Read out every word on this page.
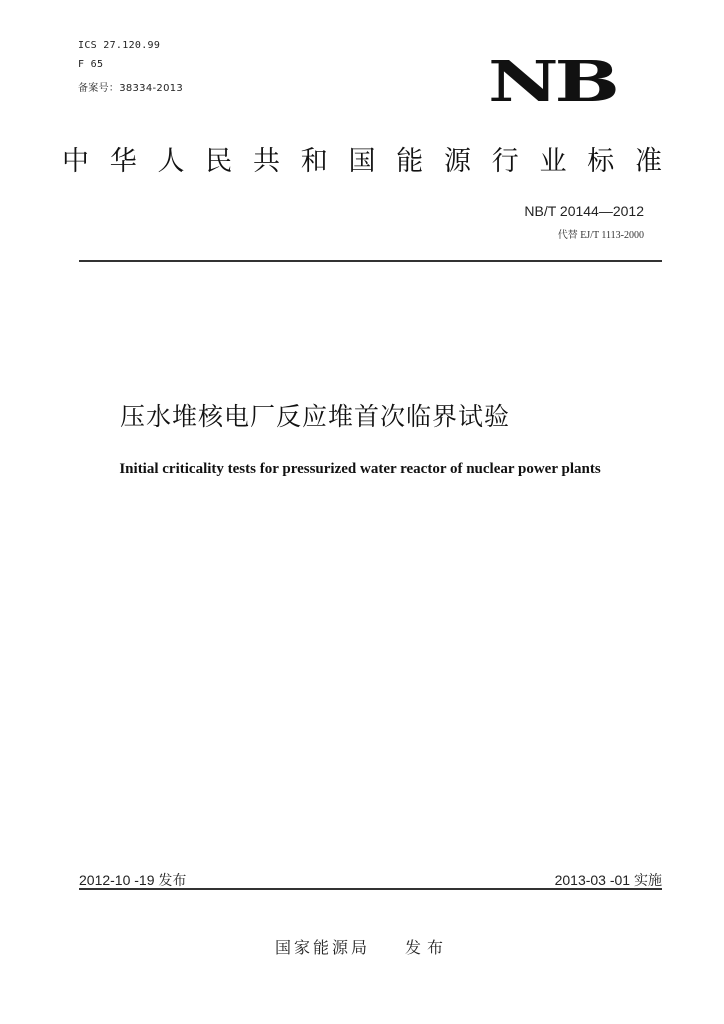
ICS 27.120.99
F 65
备案号：38334-2013	NB
中 华 人 民 共 和 国 能 源 行 业 标 准
NB/T 20144—2012
代替 EJ/T 1113-2000
压水堆核电厂反应堆首次临界试验
Initial criticality tests for pressurized water reactor of nuclear power plants
2012-10 -19 发布	2013-03 -01 实施
国家能源局 发布
